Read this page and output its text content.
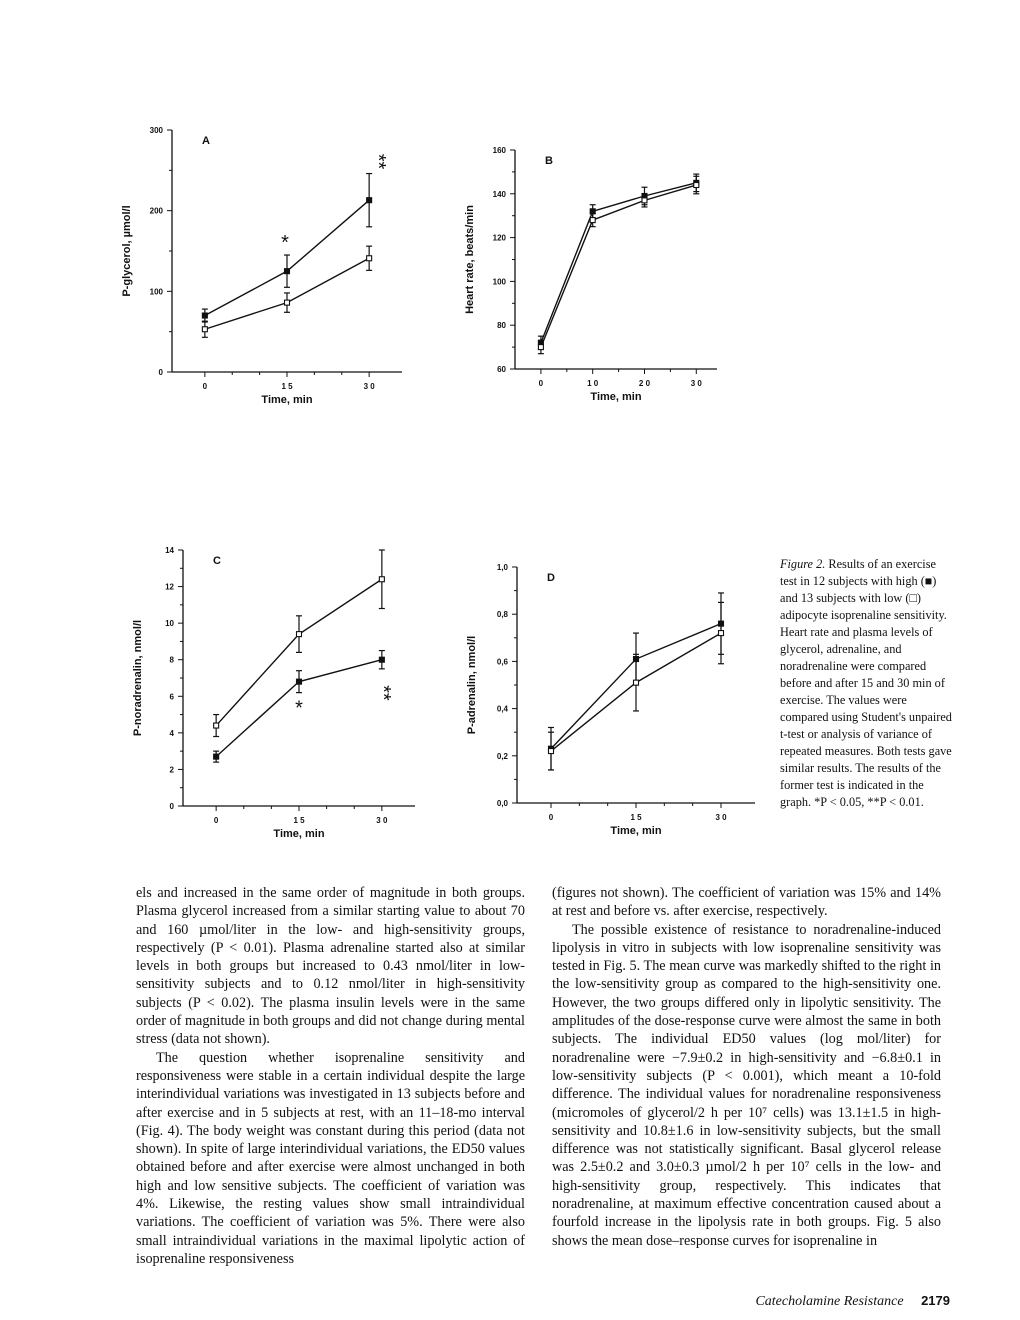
0
100
200
300
0	1 5	3 0
Time, min
P-glycerol, µmol/l
A
*
**
60
80
100
120
140
160
0	1 0	2 0	3 0
Time, min
Heart rate, beats/min
B
0
2
4
6
8
10
12
14
0	1 5	3 0
Time, min
P-noradrenalin, nmol/l
C
*
**
0,0
0,2
0,4
0,6
0,8
1,0
0	1 5	3 0
Time, min
P-adrenalin, nmol/l
D
Figure 2. Results of an exercise test in 12 subjects with high (■) and 13 subjects with low (□) adipocyte isoprenaline sensitivity. Heart rate and plasma levels of glycerol, adrenaline, and noradrenaline were compared before and after 15 and 30 min of exercise. The values were compared using Student's unpaired t-test or analysis of variance of repeated measures. Both tests gave similar results. The results of the former test is indicated in the graph. *P < 0.05, **P < 0.01.

els and increased in the same order of magnitude in both groups. Plasma glycerol increased from a similar starting value to about 70 and 160 µmol/liter in the low- and high-sensitivity groups, respectively (P < 0.01). Plasma adrenaline started also at similar levels in both groups but increased to 0.43 nmol/liter in low-sensitivity subjects and to 0.12 nmol/liter in high-sensitivity subjects (P < 0.02). The plasma insulin levels were in the same order of magnitude in both groups and did not change during mental stress (data not shown).

The question whether isoprenaline sensitivity and responsiveness were stable in a certain individual despite the large interindividual variations was investigated in 13 subjects before and after exercise and in 5 subjects at rest, with an 11–18-mo interval (Fig. 4). The body weight was constant during this period (data not shown). In spite of large interindividual variations, the ED50 values obtained before and after exercise were almost unchanged in both high and low sensitive subjects. The coefficient of variation was 4%. Likewise, the resting values show small intraindividual variations. The coefficient of variation was 5%. There were also small intraindividual variations in the maximal lipolytic action of isoprenaline responsiveness

(figures not shown). The coefficient of variation was 15% and 14% at rest and before vs. after exercise, respectively.

The possible existence of resistance to noradrenaline-induced lipolysis in vitro in subjects with low isoprenaline sensitivity was tested in Fig. 5. The mean curve was markedly shifted to the right in the low-sensitivity group as compared to the high-sensitivity one. However, the two groups differed only in lipolytic sensitivity. The amplitudes of the dose-response curve were almost the same in both subjects. The individual ED50 values (log mol/liter) for noradrenaline were −7.9±0.2 in high-sensitivity and −6.8±0.1 in low-sensitivity subjects (P < 0.001), which meant a 10-fold difference. The individual values for noradrenaline responsiveness (micromoles of glycerol/2 h per 10⁷ cells) was 13.1±1.5 in high-sensitivity and 10.8±1.6 in low-sensitivity subjects, but the small difference was not statistically significant. Basal glycerol release was 2.5±0.2 and 3.0±0.3 µmol/2 h per 10⁷ cells in the low- and high-sensitivity group, respectively. This indicates that noradrenaline, at maximum effective concentration caused about a fourfold increase in the lipolysis rate in both groups. Fig. 5 also shows the mean dose–response curves for isoprenaline in

Catecholamine Resistance 2179
